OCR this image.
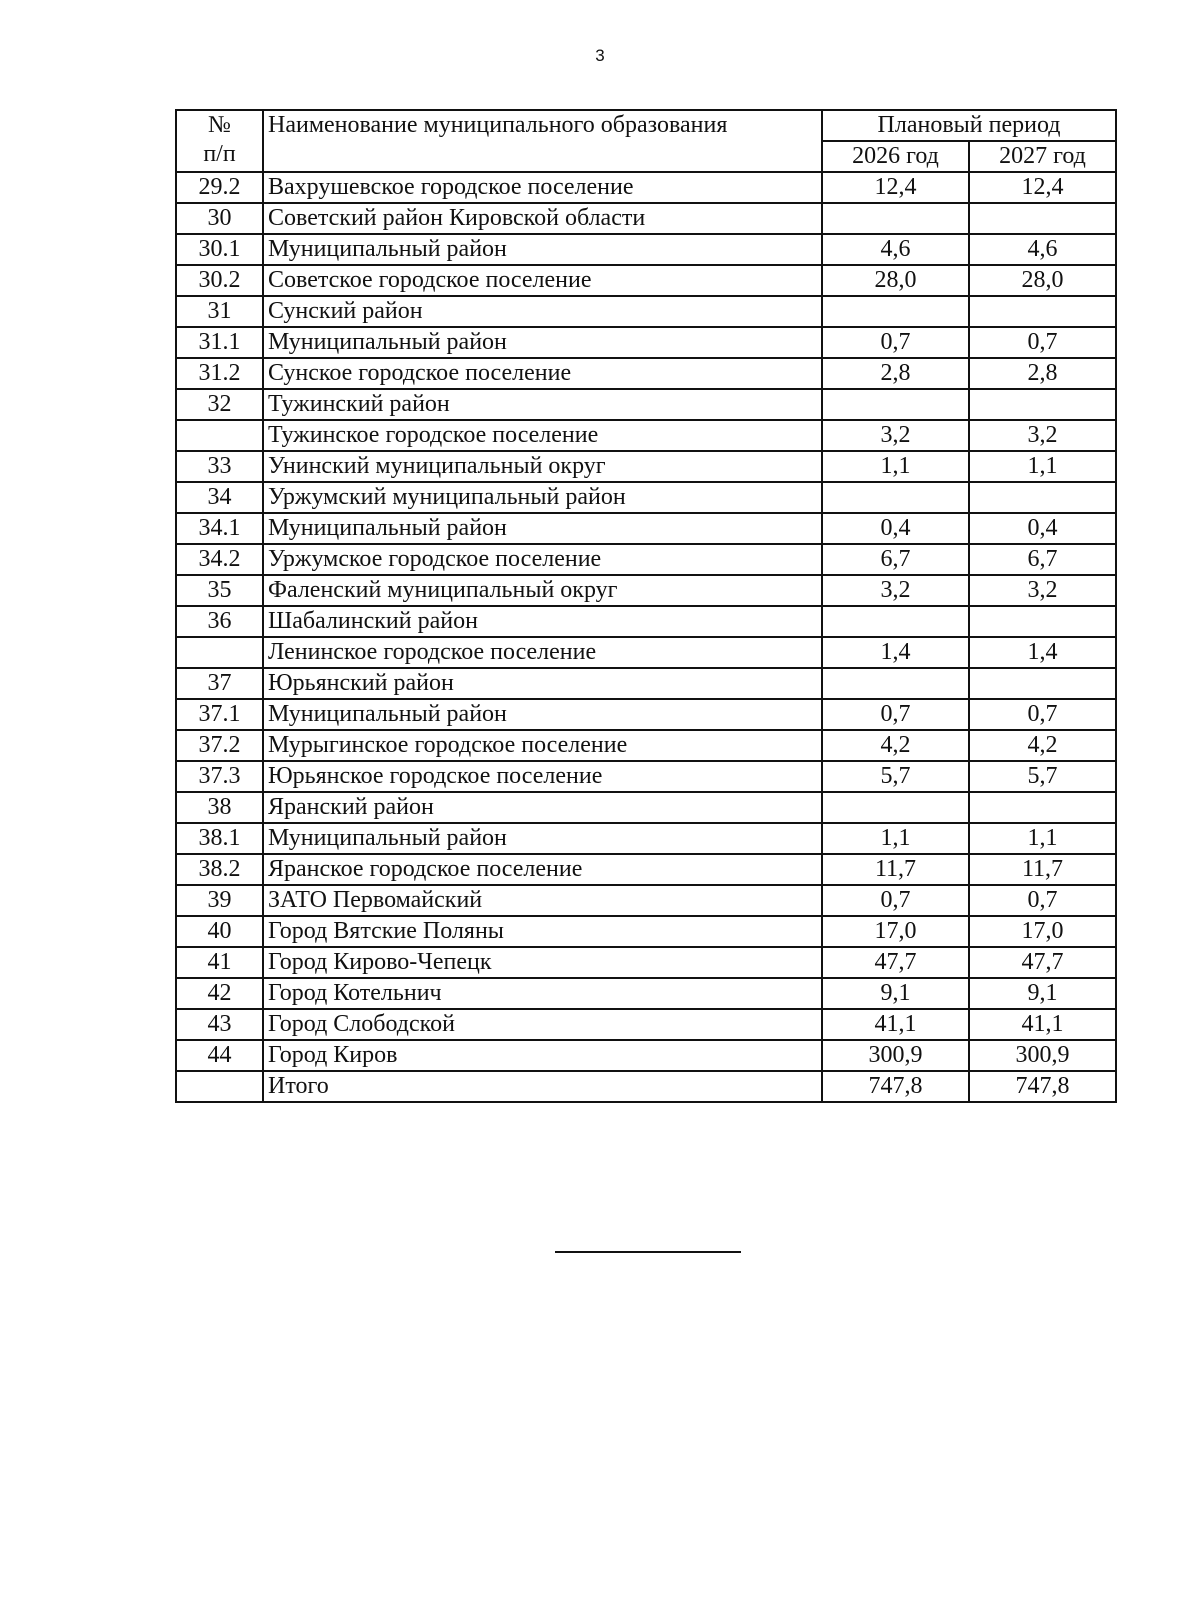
3
№
п/п	Наименование муниципального образования	Плановый период	
		2026 год	2027 год
29.2	Вахрушевское городское поселение	12,4	12,4
30	Советский район Кировской области		
30.1	Муниципальный район	4,6	4,6
30.2	Советское городское поселение	28,0	28,0
31	Сунский район		
31.1	Муниципальный район	0,7	0,7
31.2	Сунское городское поселение	2,8	2,8
32	Тужинский район		
	Тужинское городское поселение	3,2	3,2
33	Унинский муниципальный округ	1,1	1,1
34	Уржумский муниципальный район		
34.1	Муниципальный район	0,4	0,4
34.2	Уржумское городское поселение	6,7	6,7
35	Фаленский муниципальный округ	3,2	3,2
36	Шабалинский район		
	Ленинское городское поселение	1,4	1,4
37	Юрьянский район		
37.1	Муниципальный район	0,7	0,7
37.2	Мурыгинское городское поселение	4,2	4,2
37.3	Юрьянское городское поселение	5,7	5,7
38	Яранский район		
38.1	Муниципальный район	1,1	1,1
38.2	Яранское городское поселение	11,7	11,7
39	ЗАТО Первомайский	0,7	0,7
40	Город Вятские Поляны	17,0	17,0
41	Город Кирово-Чепецк	47,7	47,7
42	Город Котельнич	9,1	9,1
43	Город Слободской	41,1	41,1
44	Город Киров	300,9	300,9
	Итого	747,8	747,8
